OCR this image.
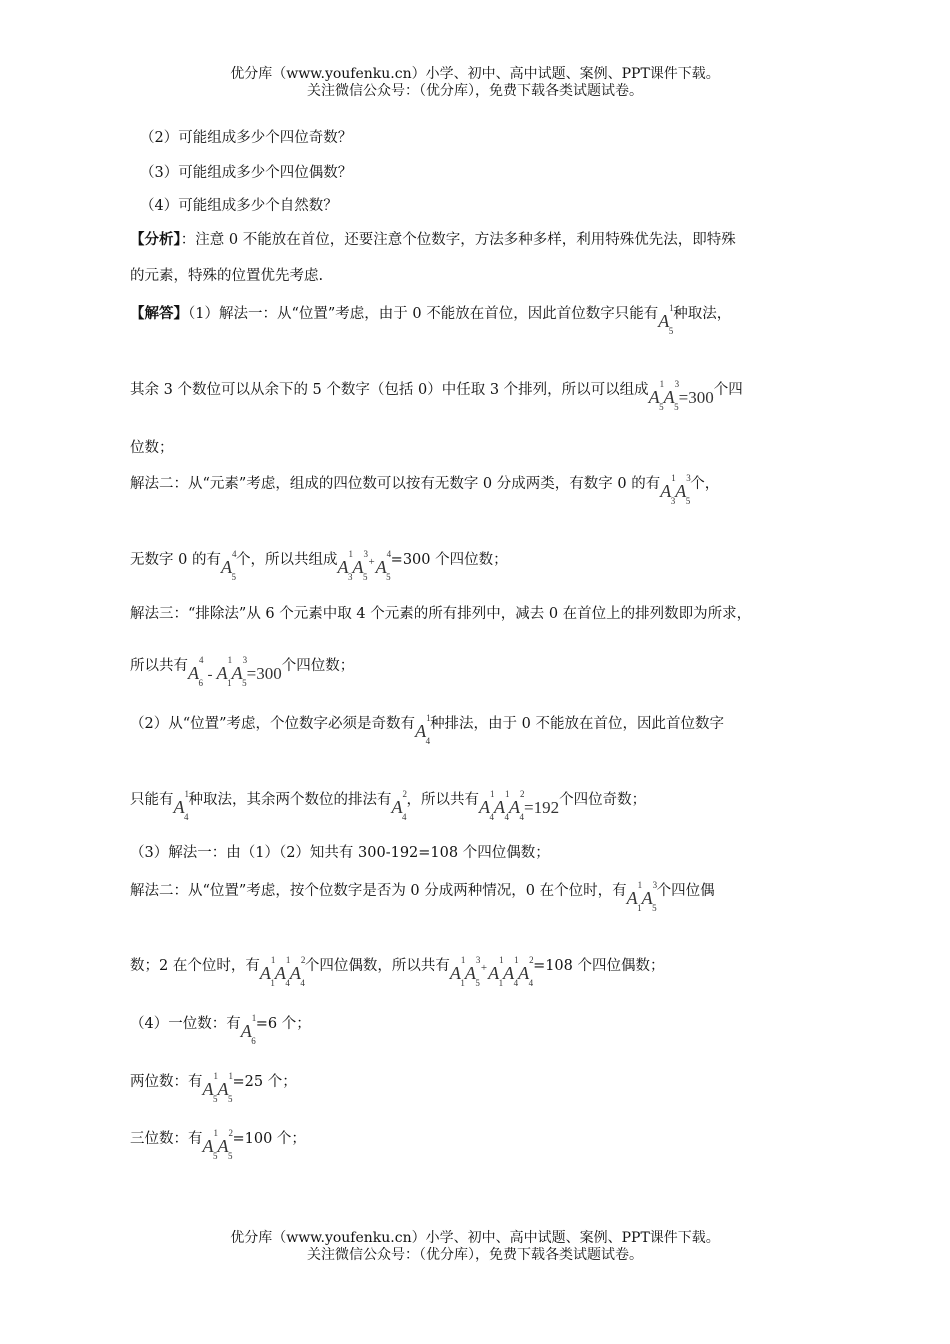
优分库（www.youfenku.cn）小学、初中、高中试题、案例、PPT课件下载。
关注微信公众号：（优分库），免费下载各类试题试卷。
（2）可能组成多少个四位奇数？
（3）可能组成多少个四位偶数？
（4）可能组成多少个自然数？
【分析】：注意 0 不能放在首位，还要注意个位数字，方法多种多样，利用特殊优先法，即特殊
的元素，特殊的位置优先考虑.
【解答】（1）解法一：从“位置”考虑，由于 0 不能放在首位，因此首位数字只能有$A^1_5$种取法，
其余 3 个数位可以从余下的 5 个数字（包括 0）中任取 3 个排列，所以可以组成$A^1_5A^3_5=300$个四
位数；
解法二：从“元素”考虑，组成的四位数可以按有无数字 0 分成两类，有数字 0 的有$A^1_3A^3_5$个，
无数字 0 的有$A^4_5$个，所以共组成$A^1_3A^3_5^+A^4_5=300$ 个四位数；
解法三：“排除法”从 6 个元素中取 4 个元素的所有排列中，减去 0 在首位上的排列数即为所求，
所以共有$A^4_6 - A^1_1A^3_5=300$个四位数；
（2）从“位置”考虑，个位数字必须是奇数有$A^1_4$种排法，由于 0 不能放在首位，因此首位数字
只能有$A^1_4$种取法，其余两个数位的排法有$A^2_4$，所以共有$A^1_4A^1_4A^2_4=192$个四位奇数；
（3）解法一：由（1）（2）知共有 300-192=108 个四位偶数；
解法二：从“位置”考虑，按个位数字是否为 0 分成两种情况，0 在个位时，有$A^1_1A^3_5$个四位偶
数；2 在个位时，有$A^1_1A^1_4A^2_4$个四位偶数，所以共有$A^1_1A^3_5^+A^1_1A^1_4A^2_4=108$ 个四位偶数；
（4）一位数：有$A^1_6=6$ 个；
两位数：有$A^1_5A^1_5=25$ 个；
三位数：有$A^1_5A^2_5=100$ 个；
优分库（www.youfenku.cn）小学、初中、高中试题、案例、PPT课件下载。
关注微信公众号：（优分库），免费下载各类试题试卷。
